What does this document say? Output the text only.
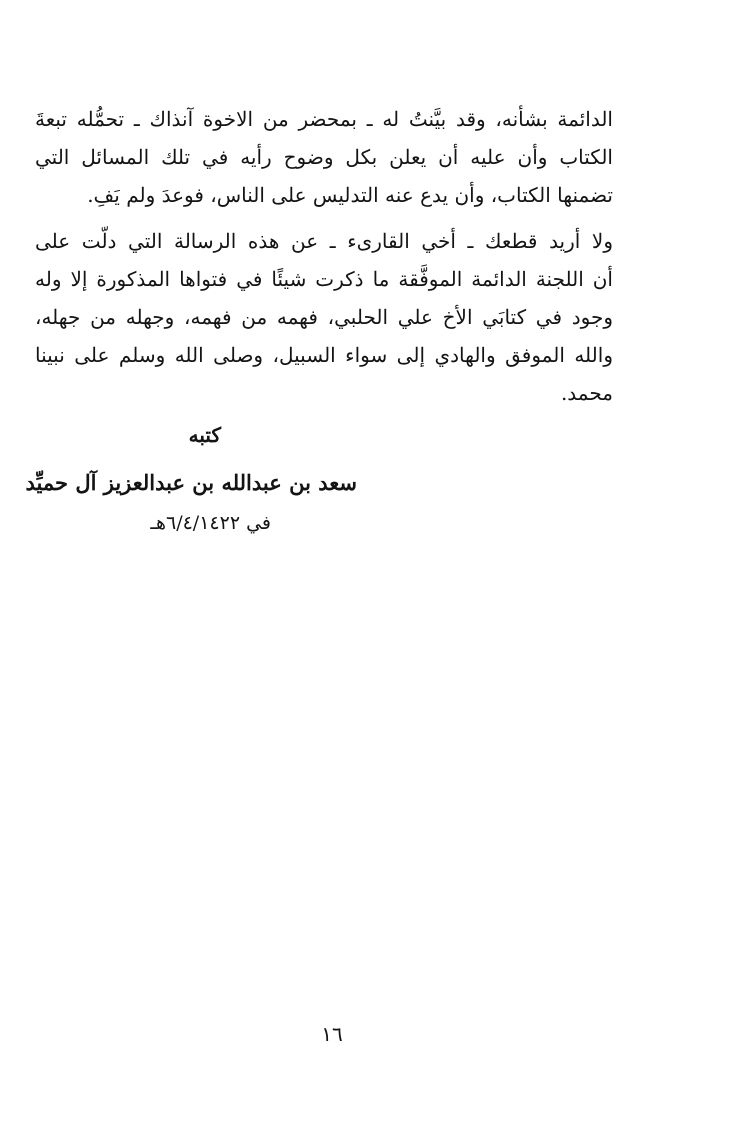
الدائمة بشأنه، وقد بيَّنتُ له ـ بمحضر من الاخوة آنذاك ـ تحمُّله تبعةَ
الكتاب وأن عليه أن يعلن بكل وضوح رأيه في تلك المسائل التي
تضمنها الكتاب، وأن يدع عنه التدليس على الناس، فوعدَ ولم يَفِ.
ولا أريد قطعك ـ أخي القارىء ـ عن هذه الرسالة التي دلّت على
أن اللجنة الدائمة الموفَّقة ما ذكرت شيئًا في فتواها المذكورة إلا وله
وجود في كتابَي الأخ علي الحلبي، فهمه من فهمه، وجهله من جهله،
والله الموفق والهادي إلى سواء السبيل، وصلى الله وسلم على نبينا
محمد.
كتبه
سعد بن عبدالله بن عبدالعزيز آل حميِّد
في ٦/٤/١٤٢٢هـ
١٦
